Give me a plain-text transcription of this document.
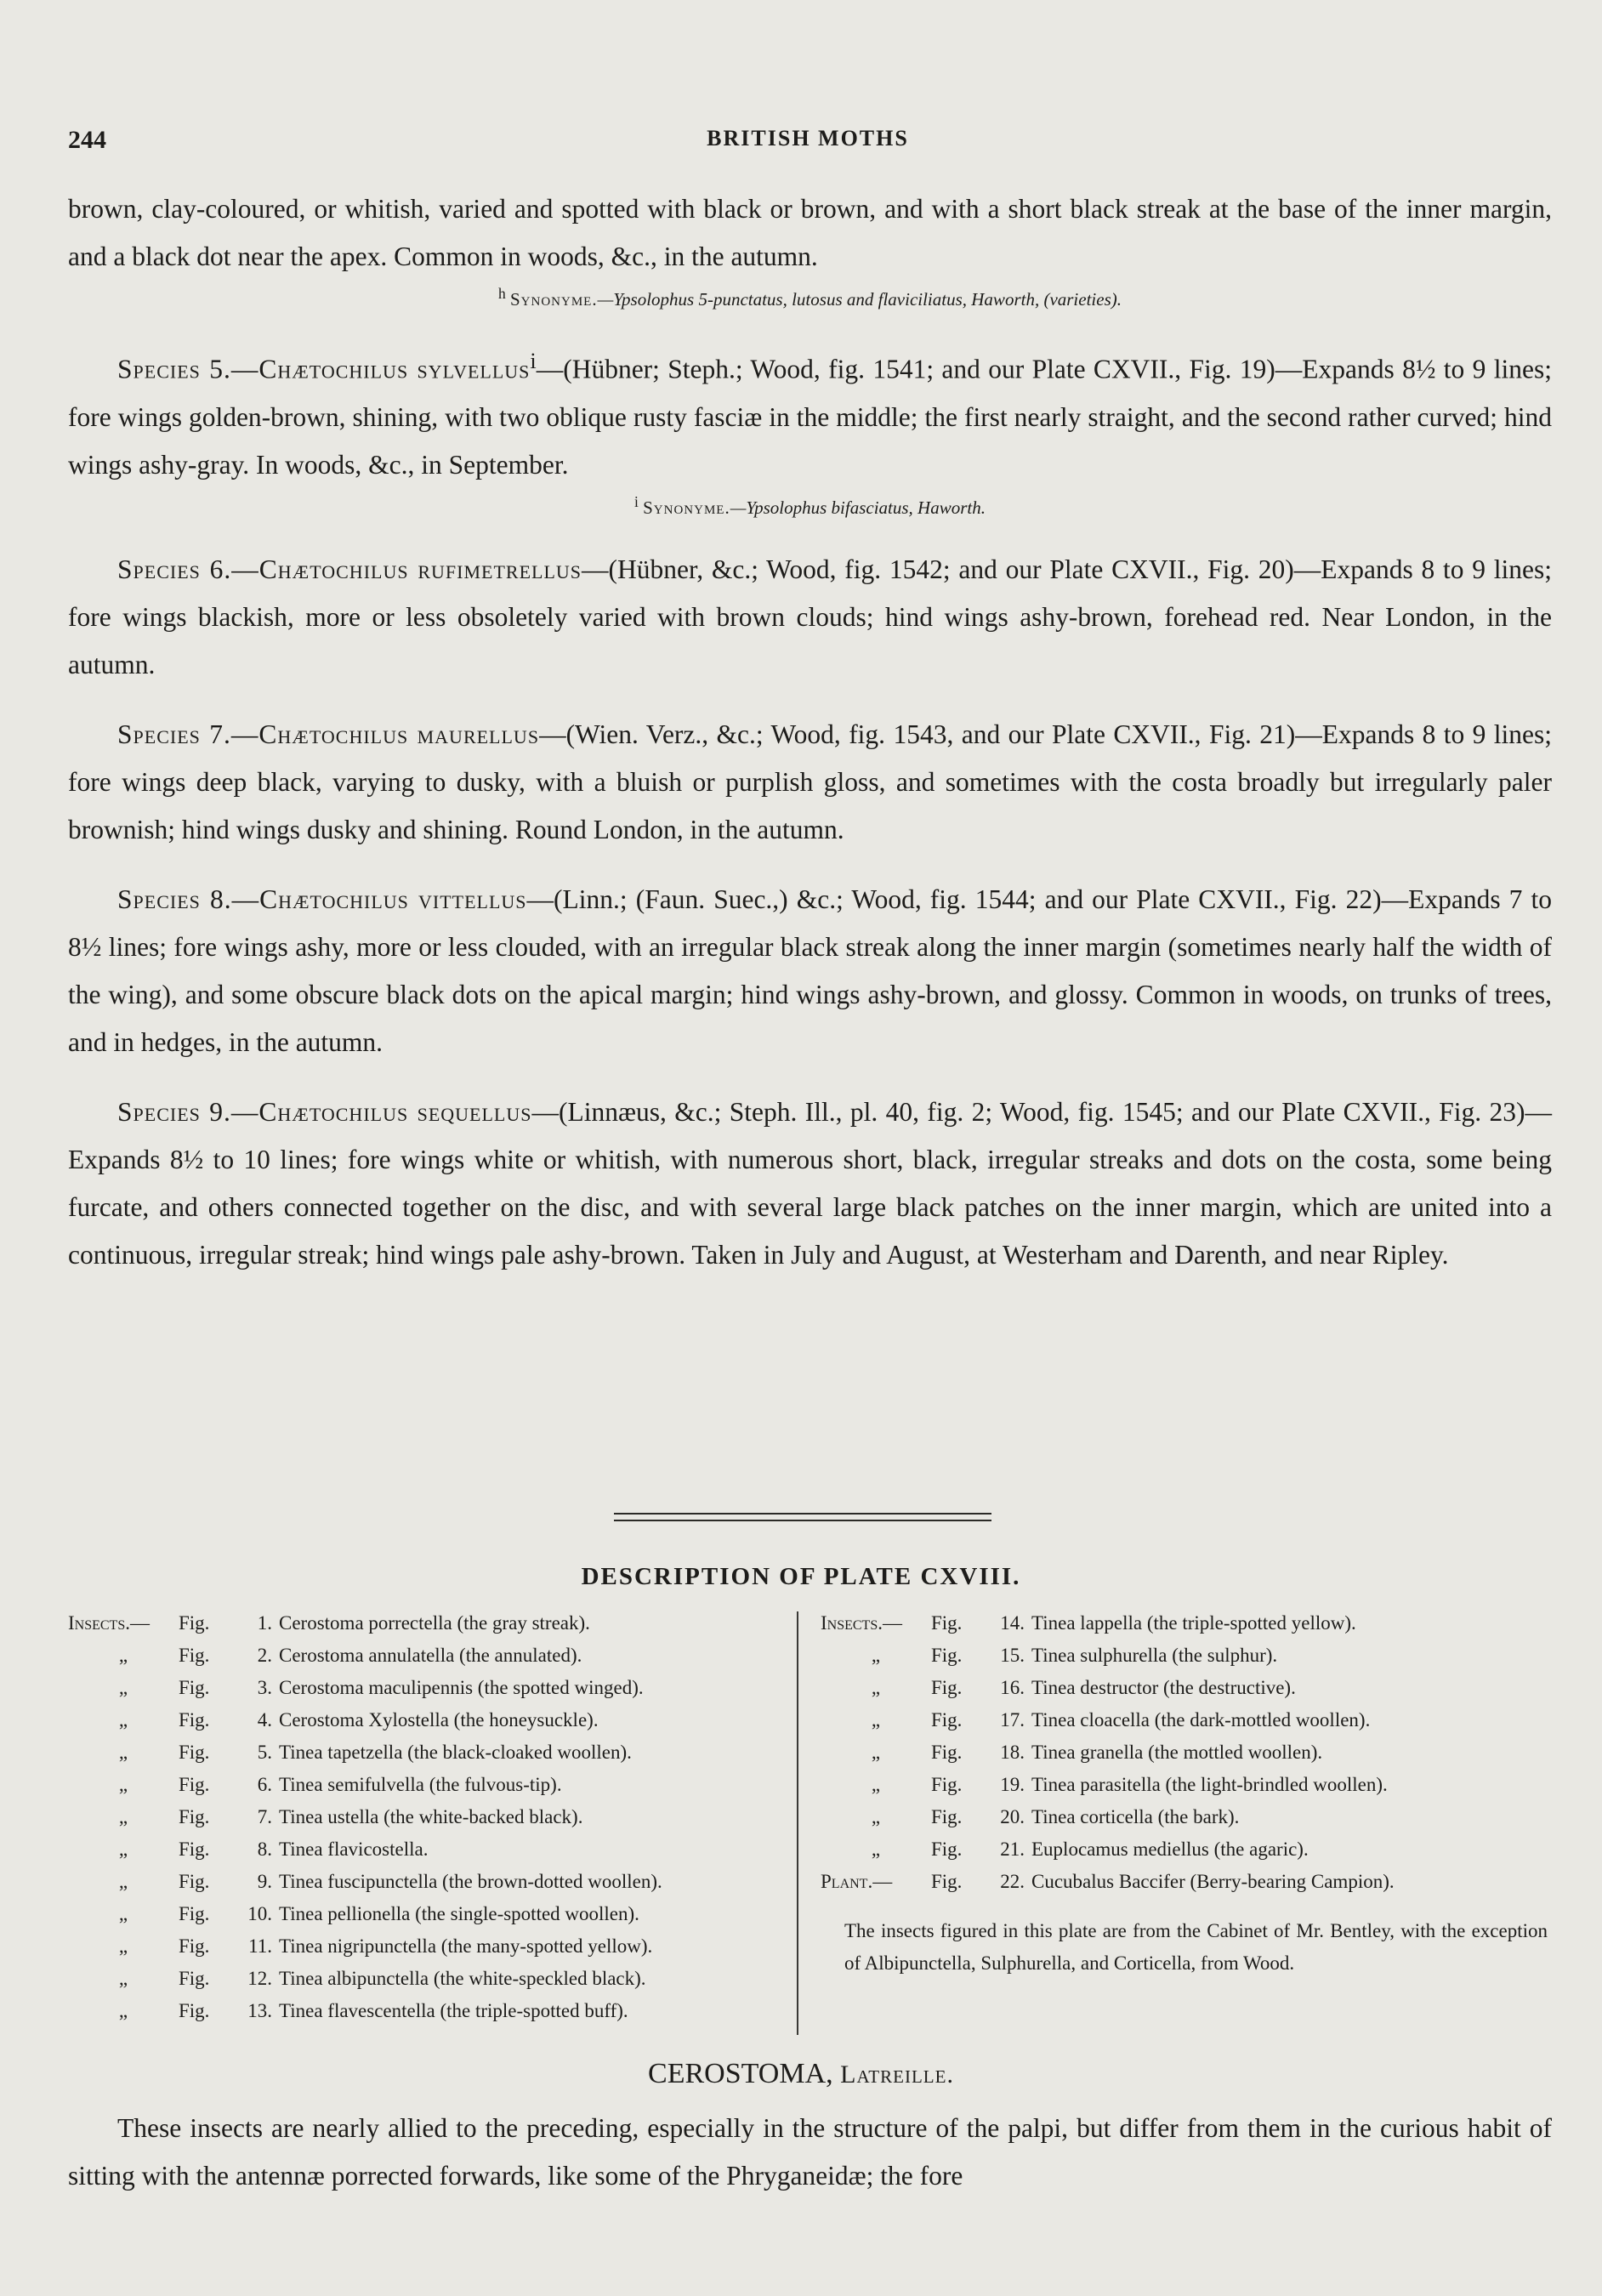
244	BRITISH MOTHS

brown, clay-coloured, or whitish, varied and spotted with black or brown, and with a short black streak at the base of the inner margin, and a black dot near the apex. Common in woods, &c., in the autumn.

$^h$ Synonyme.—Ypsolophus 5-punctatus, lutosus and flaviciliatus, Haworth, (varieties).

Species 5.—Chætochilus sylvellus$^i$—(Hübner; Steph.; Wood, fig. 1541; and our Plate CXVII., Fig. 19)—Expands 8½ to 9 lines; fore wings golden-brown, shining, with two oblique rusty fasciæ in the middle; the first nearly straight, and the second rather curved; hind wings ashy-gray. In woods, &c., in September.

$^i$ Synonyme.—Ypsolophus bifasciatus, Haworth.

Species 6.—Chætochilus rufimetrellus—(Hübner, &c.; Wood, fig. 1542; and our Plate CXVII., Fig. 20)—Expands 8 to 9 lines; fore wings blackish, more or less obsoletely varied with brown clouds; hind wings ashy-brown, forehead red. Near London, in the autumn.

Species 7.—Chætochilus maurellus—(Wien. Verz., &c.; Wood, fig. 1543, and our Plate CXVII., Fig. 21)—Expands 8 to 9 lines; fore wings deep black, varying to dusky, with a bluish or purplish gloss, and sometimes with the costa broadly but irregularly paler brownish; hind wings dusky and shining. Round London, in the autumn.

Species 8.—Chætochilus vittellus—(Linn.; (Faun. Suec.,) &c.; Wood, fig. 1544; and our Plate CXVII., Fig. 22)—Expands 7 to 8½ lines; fore wings ashy, more or less clouded, with an irregular black streak along the inner margin (sometimes nearly half the width of the wing), and some obscure black dots on the apical margin; hind wings ashy-brown, and glossy. Common in woods, on trunks of trees, and in hedges, in the autumn.

Species 9.—Chætochilus sequellus—(Linnæus, &c.; Steph. Ill., pl. 40, fig. 2; Wood, fig. 1545; and our Plate CXVII., Fig. 23)—Expands 8½ to 10 lines; fore wings white or whitish, with numerous short, black, irregular streaks and dots on the costa, some being furcate, and others connected together on the disc, and with several large black patches on the inner margin, which are united into a continuous, irregular streak; hind wings pale ashy-brown. Taken in July and August, at Westerham and Darenth, and near Ripley.

DESCRIPTION OF PLATE CXVIII.
Insects.—	Fig.	1. Cerostoma porrectella (the gray streak).
„	Fig.	2. Cerostoma annulatella (the annulated).
„	Fig.	3. Cerostoma maculipennis (the spotted winged).
„	Fig.	4. Cerostoma Xylostella (the honeysuckle).
„	Fig.	5. Tinea tapetzella (the black-cloaked woollen).
„	Fig.	6. Tinea semifulvella (the fulvous-tip).
„	Fig.	7. Tinea ustella (the white-backed black).
„	Fig.	8. Tinea flavicostella.
„	Fig.	9. Tinea fuscipunctella (the brown-dotted woollen).
„	Fig.	10. Tinea pellionella (the single-spotted woollen).
„	Fig.	11. Tinea nigripunctella (the many-spotted yellow).
„	Fig.	12. Tinea albipunctella (the white-speckled black).
„	Fig.	13. Tinea flavescentella (the triple-spotted buff).
Insects.—	Fig.	14. Tinea lappella (the triple-spotted yellow).
„	Fig.	15. Tinea sulphurella (the sulphur).
„	Fig.	16. Tinea destructor (the destructive).
„	Fig.	17. Tinea cloacella (the dark-mottled woollen).
„	Fig.	18. Tinea granella (the mottled woollen).
„	Fig.	19. Tinea parasitella (the light-brindled woollen).
„	Fig.	20. Tinea corticella (the bark).
„	Fig.	21. Euplocamus mediellus (the agaric).
Plant.—	Fig.	22. Cucubalus Baccifer (Berry-bearing Campion).

The insects figured in this plate are from the Cabinet of Mr. Bentley, with the exception of Albipunctella, Sulphurella, and Corticella, from Wood.

CEROSTOMA, Latreille.

These insects are nearly allied to the preceding, especially in the structure of the palpi, but differ from them in the curious habit of sitting with the antennæ porrected forwards, like some of the Phryganeidæ; the fore
